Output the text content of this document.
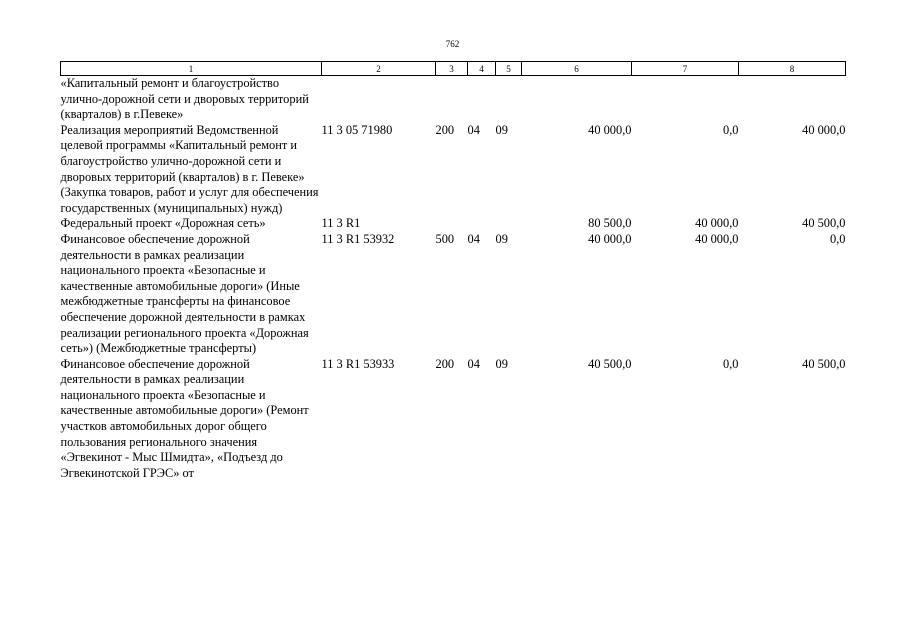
762
1	2	3	4	5	6	7	8
«Капитальный ремонт и благоустройство улично-дорожной сети и дворовых территорий (кварталов) в г.Певеке»							
Реализация мероприятий Ведомственной целевой программы «Капитальный ремонт и благоустройство улично-дорожной сети и дворовых территорий (кварталов) в г. Певеке» (Закупка товаров, работ и услуг для обеспечения государственных (муниципальных) нужд)	11 3 05 71980	200	04	09	40 000,0	0,0	40 000,0
Федеральный проект «Дорожная сеть»	11 3 R1				80 500,0	40 000,0	40 500,0
Финансовое обеспечение дорожной деятельности в рамках реализации национального проекта «Безопасные и качественные автомобильные дороги» (Иные межбюджетные трансферты на финансовое обеспечение дорожной деятельности в рамках реализации регионального проекта «Дорожная сеть») (Межбюджетные трансферты)	11 3 R1 53932	500	04	09	40 000,0	40 000,0	0,0
Финансовое обеспечение дорожной деятельности в рамках реализации национального проекта «Безопасные и качественные автомобильные дороги» (Ремонт участков автомобильных дорог общего пользования регионального значения «Эгвекинот - Мыс Шмидта», «Подъезд до Эгвекинотской ГРЭС» от	11 3 R1 53933	200	04	09	40 500,0	0,0	40 500,0
